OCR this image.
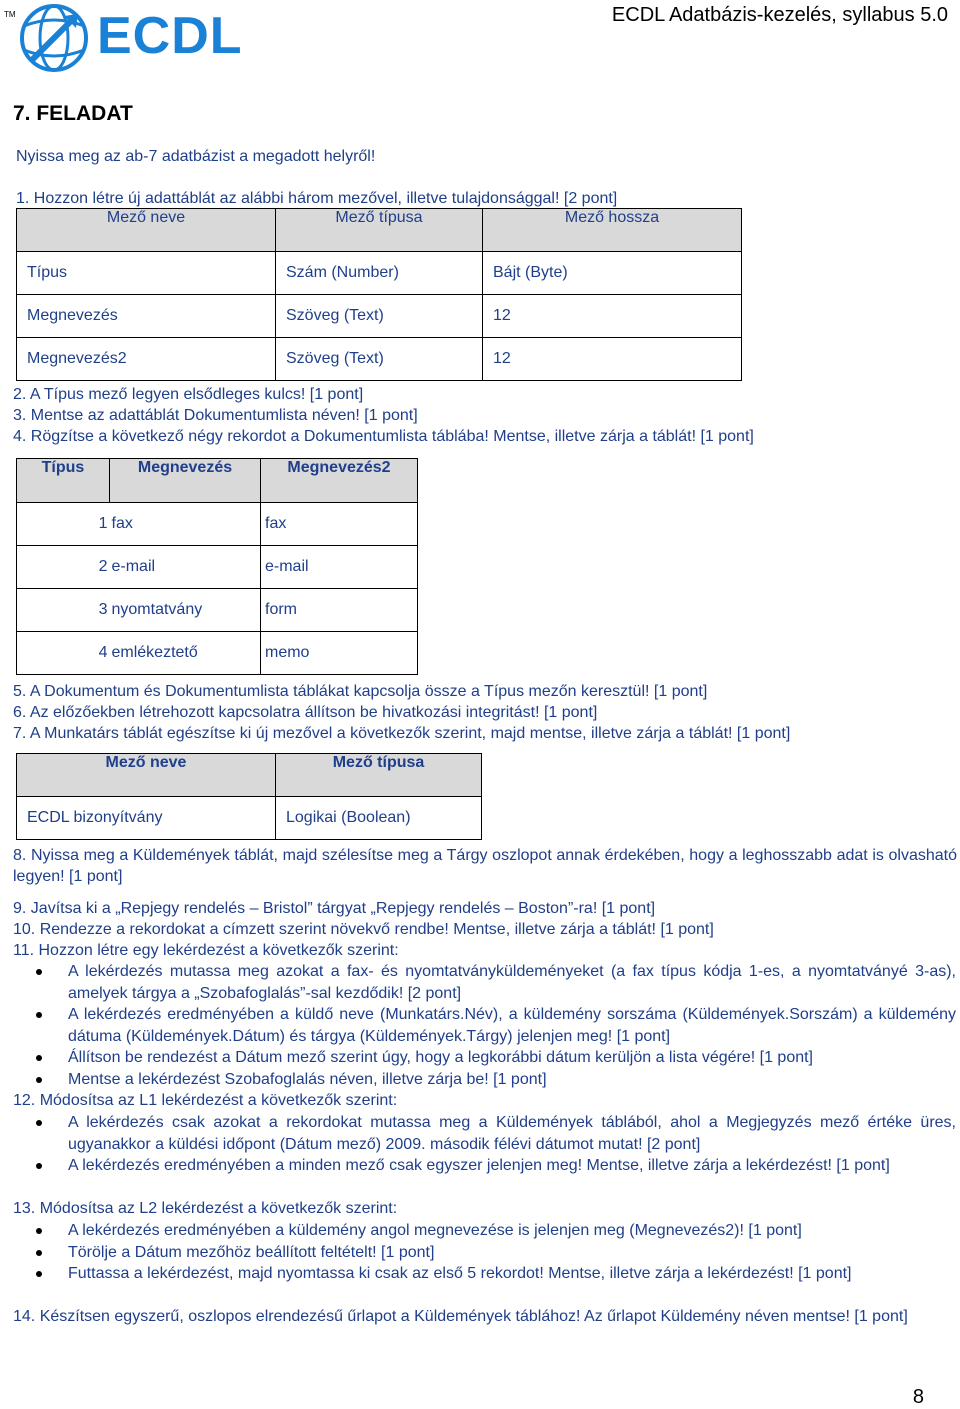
TM ECDL	ECDL Adatbázis-kezelés, syllabus 5.0
7. FELADAT
Nyissa meg az ab-7 adatbázist a megadott helyről!
1. Hozzon létre új adattáblát az alábbi három mezővel, illetve tulajdonsággal! [2 pont]
Mező neve	Mező típusa	Mező hossza
Típus	Szám (Number)	Bájt (Byte)
Megnevezés	Szöveg (Text)	12
Megnevezés2	Szöveg (Text)	12
2. A Típus mező legyen elsődleges kulcs! [1 pont]
3. Mentse az adattáblát Dokumentumlista néven! [1 pont]
4. Rögzítse a következő négy rekordot a Dokumentumlista táblába! Mentse, illetve zárja a táblát! [1 pont]
Típus	Megnevezés	Megnevezés2
1	fax	fax
2	e-mail	e-mail
3	nyomtatvány	form
4	emlékeztető	memo
5. A Dokumentum és Dokumentumlista táblákat kapcsolja össze a Típus mezőn keresztül! [1 pont]
6. Az előzőekben létrehozott kapcsolatra állítson be hivatkozási integritást! [1 pont]
7. A Munkatárs táblát egészítse ki új mezővel a következők szerint, majd mentse, illetve zárja a táblát! [1 pont]
Mező neve	Mező típusa
ECDL bizonyítvány	Logikai (Boolean)
8. Nyissa meg a Küldemények táblát, majd szélesítse meg a Tárgy oszlopot annak érdekében, hogy a leghosszabb adat is olvasható legyen! [1 pont]
9. Javítsa ki a „Repjegy rendelés – Bristol” tárgyat „Repjegy rendelés – Boston”-ra! [1 pont]
10. Rendezze a rekordokat a címzett szerint növekvő rendbe! Mentse, illetve zárja a táblát! [1 pont]
11. Hozzon létre egy lekérdezést a következők szerint:
A lekérdezés mutassa meg azokat a fax- és nyomtatványküldeményeket (a fax típus kódja 1-es, a nyomtatványé 3-as), amelyek tárgya a „Szobafoglalás”-sal kezdődik! [2 pont]
A lekérdezés eredményében a küldő neve (Munkatárs.Név), a küldemény sorszáma (Küldemények.Sorszám) a küldemény dátuma (Küldemények.Dátum) és tárgya (Küldemények.Tárgy) jelenjen meg! [1 pont]
Állítson be rendezést a Dátum mező szerint úgy, hogy a legkorábbi dátum kerüljön a lista végére! [1 pont]
Mentse a lekérdezést Szobafoglalás néven, illetve zárja be! [1 pont]
12. Módosítsa az L1 lekérdezést a következők szerint:
A lekérdezés csak azokat a rekordokat mutassa meg a Küldemények táblából, ahol a Megjegyzés mező értéke üres, ugyanakkor a küldési időpont (Dátum mező) 2009. második félévi dátumot mutat! [2 pont]
A lekérdezés eredményében a minden mező csak egyszer jelenjen meg! Mentse, illetve zárja a lekérdezést! [1 pont]
13. Módosítsa az L2 lekérdezést a következők szerint:
A lekérdezés eredményében a küldemény angol megnevezése is jelenjen meg (Megnevezés2)! [1 pont]
Törölje a Dátum mezőhöz beállított feltételt! [1 pont]
Futtassa a lekérdezést, majd nyomtassa ki csak az első 5 rekordot! Mentse, illetve zárja a lekérdezést! [1 pont]
14. Készítsen egyszerű, oszlopos elrendezésű űrlapot a Küldemények táblához! Az űrlapot Küldemény néven mentse! [1 pont]
8
